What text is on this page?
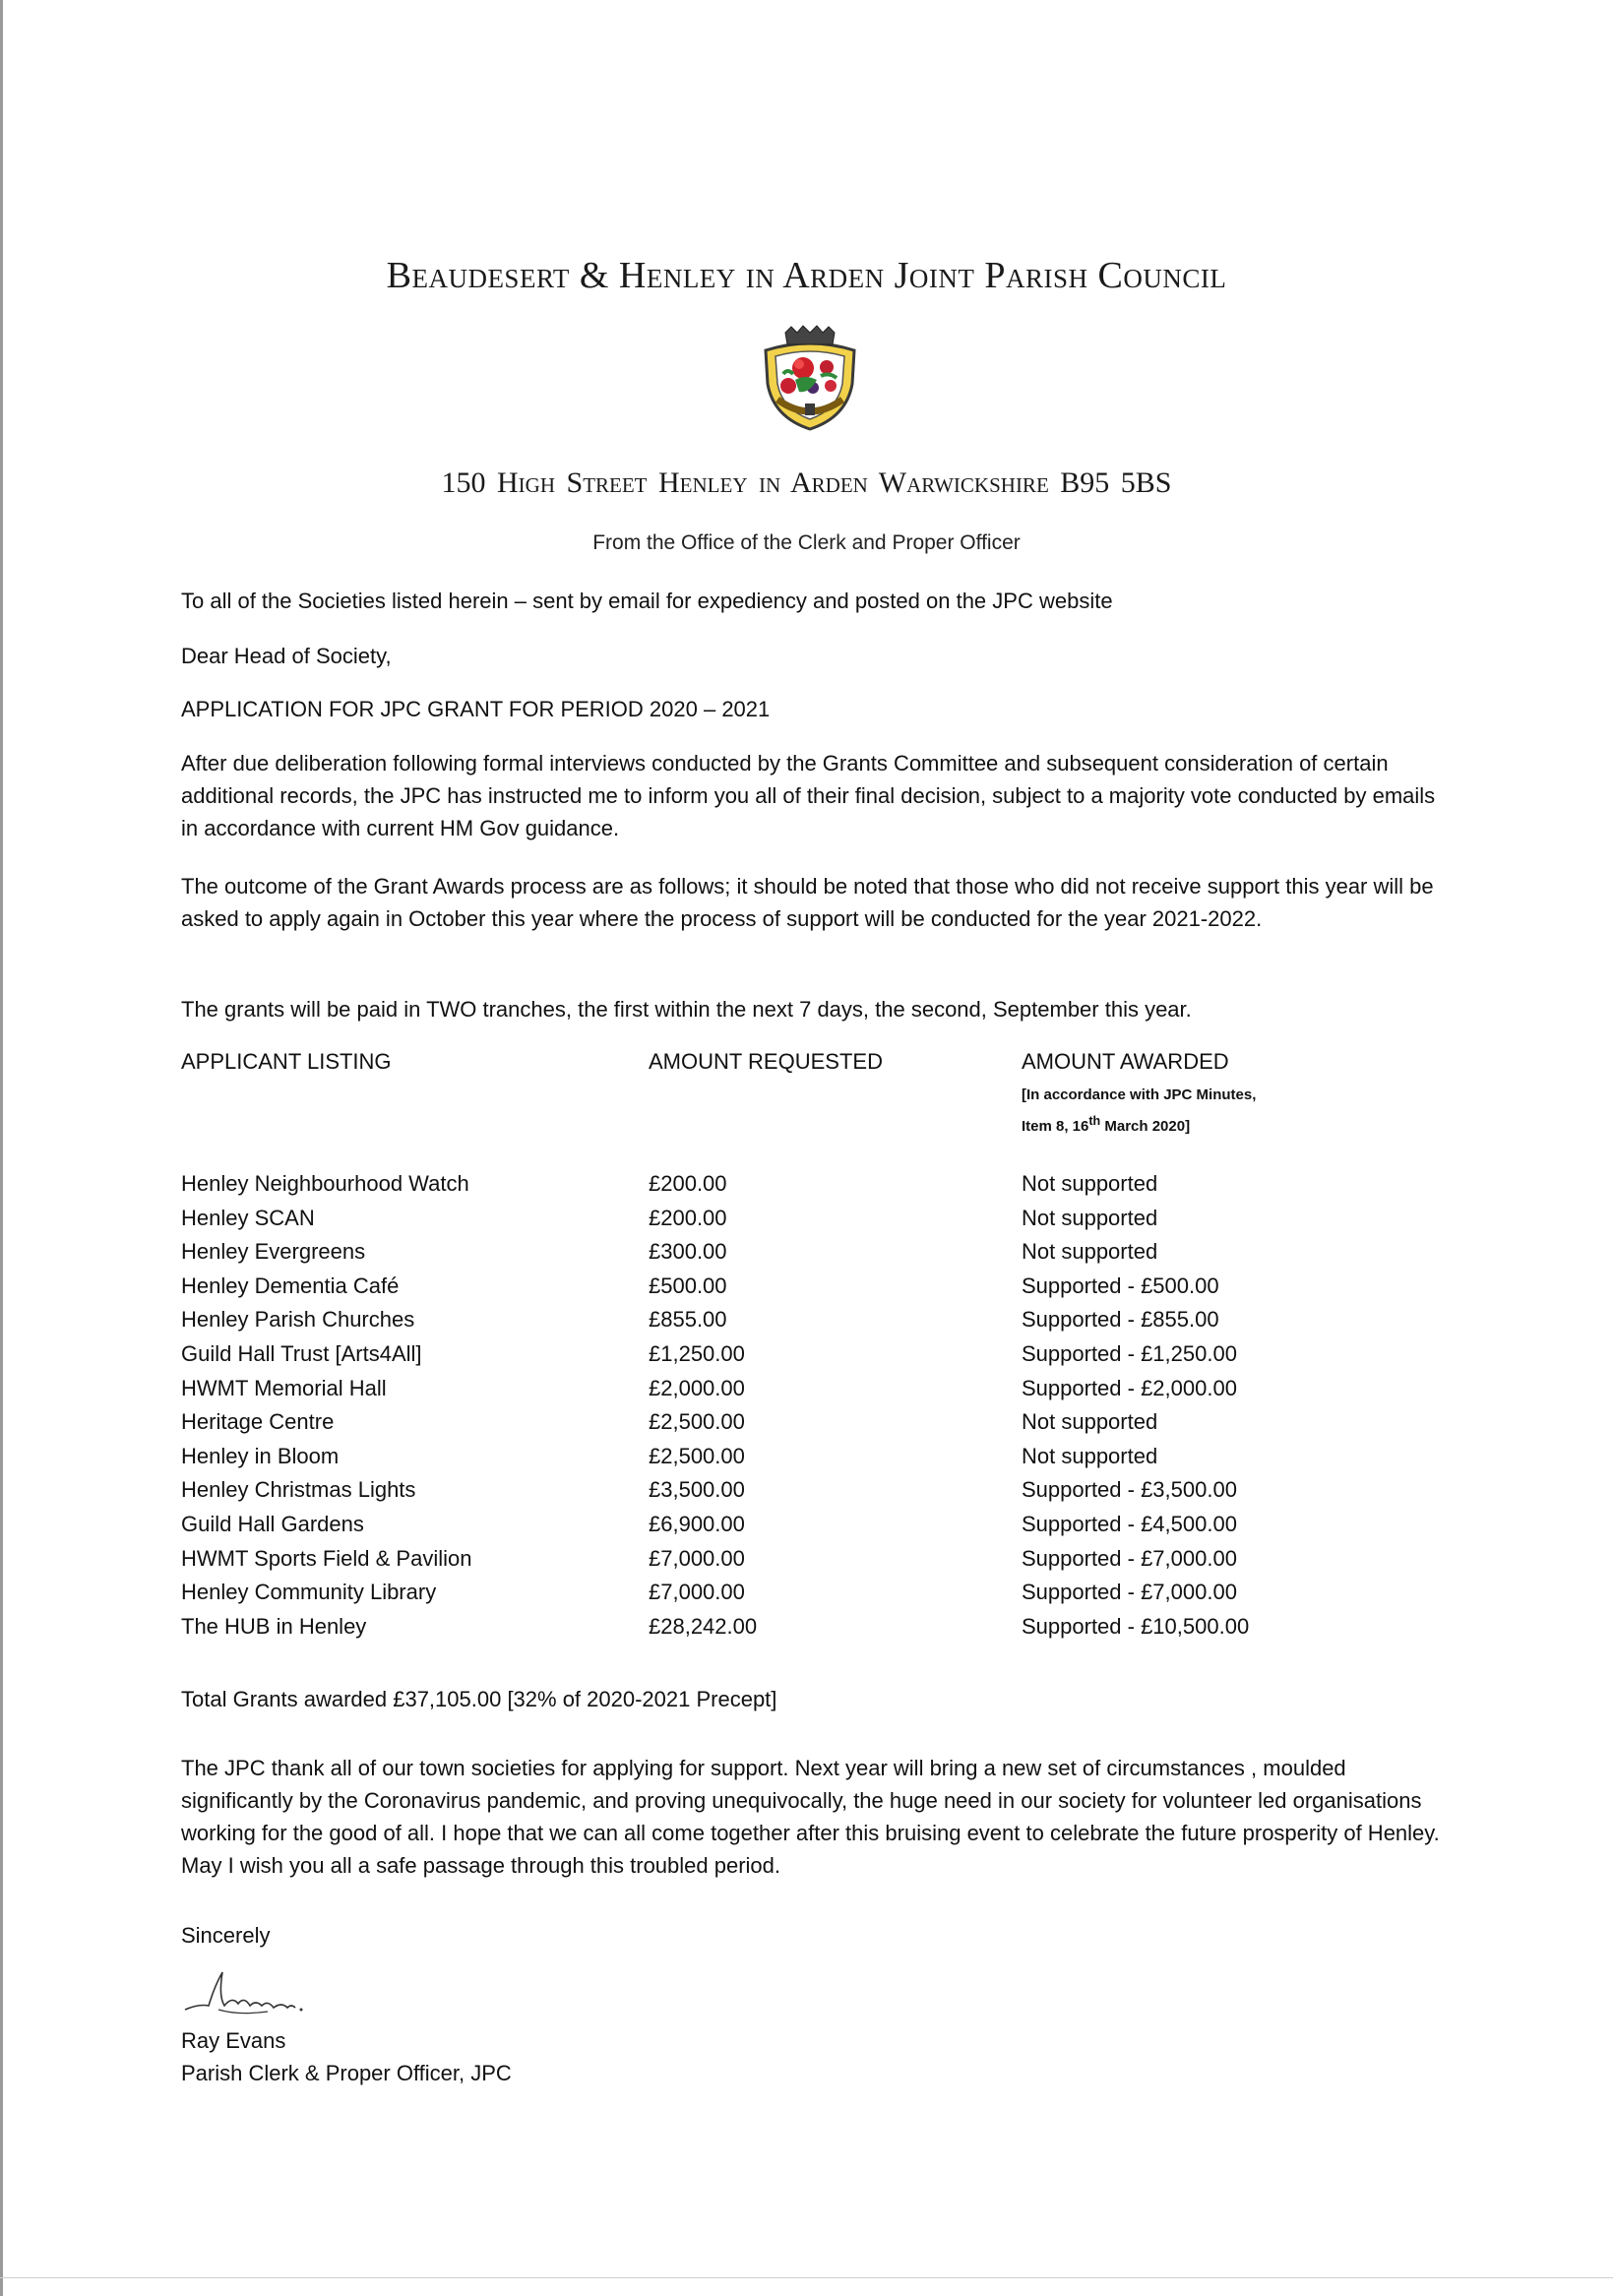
Beaudesert & Henley in Arden Joint Parish Council
150 High Street Henley in Arden Warwickshire B95 5BS
From the Office of the Clerk and Proper Officer
To all of the Societies listed herein – sent by email for expediency and posted on the JPC website
Dear Head of Society,
APPLICATION FOR JPC GRANT FOR PERIOD 2020 – 2021
After due deliberation following formal interviews conducted by the Grants Committee and subsequent consideration of certain additional records, the JPC has instructed me to inform you all of their final decision, subject to a majority vote conducted by emails in accordance with current HM Gov guidance.
The outcome of the Grant Awards process are as follows; it should be noted that those who did not receive support this year will be asked to apply again in October this year where the process of support will be conducted for the year 2021-2022.
The grants will be paid in TWO tranches, the first within the next 7 days, the second, September this year.
APPLICANT LISTING	AMOUNT REQUESTED	AMOUNT AWARDED
[In accordance with JPC Minutes,
Item 8, 16th March 2020]
Henley Neighbourhood Watch	£200.00	Not supported
Henley SCAN	£200.00	Not supported
Henley Evergreens	£300.00	Not supported
Henley Dementia Café	£500.00	Supported - £500.00
Henley Parish Churches	£855.00	Supported - £855.00
Guild Hall Trust [Arts4All]	£1,250.00	Supported - £1,250.00
HWMT Memorial Hall	£2,000.00	Supported - £2,000.00
Heritage Centre	£2,500.00	Not supported
Henley in Bloom	£2,500.00	Not supported
Henley Christmas Lights	£3,500.00	Supported - £3,500.00
Guild Hall Gardens	£6,900.00	Supported - £4,500.00
HWMT Sports Field & Pavilion	£7,000.00	Supported - £7,000.00
Henley Community Library	£7,000.00	Supported - £7,000.00
The HUB in Henley	£28,242.00	Supported - £10,500.00
Total Grants awarded £37,105.00 [32% of 2020-2021 Precept]
The JPC thank all of our town societies for applying for support. Next year will bring a new set of circumstances , moulded significantly by the Coronavirus pandemic, and proving unequivocally, the huge need in our society for volunteer led organisations working for the good of all. I hope that we can all come together after this bruising event to celebrate the future prosperity of Henley. May I wish you all a safe passage through this troubled period.
Sincerely
Ray Evans
Parish Clerk & Proper Officer, JPC
